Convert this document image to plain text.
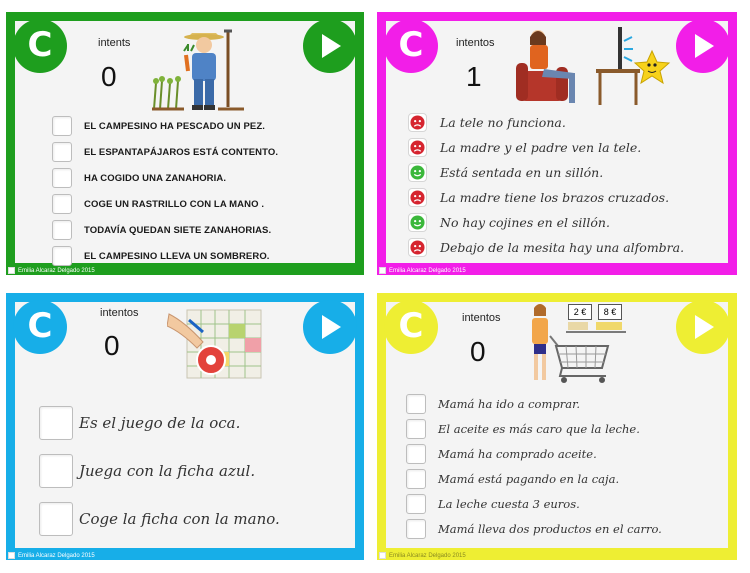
C	intents
0
EL CAMPESINO HA PESCADO UN PEZ.
EL ESPANTAPÁJAROS ESTÁ CONTENTO.
HA COGIDO UNA ZANAHORIA.
COGE UN RASTRILLO CON LA MANO .
TODAVÍA QUEDAN SIETE ZANAHORIAS.
EL CAMPESINO LLEVA UN SOMBRERO.
Emilia Alcaraz Delgado 2015
C	intentos
1
La tele no funciona.
La madre y el padre ven la tele.
Está sentada en un sillón.
La madre tiene los brazos cruzados.
No hay cojines en el sillón.
Debajo de la mesita hay una alfombra.
Emilia Alcaraz Delgado 2015
C	intentos
0
Es el juego de la oca.
Juega con la ficha azul.
Coge la ficha con la mano.
Emilia Alcaraz Delgado 2015
C	intentos
0
2 €	8 €
Mamá ha ido a comprar.
El aceite es más caro que la leche.
Mamá ha comprado aceite.
Mamá está pagando en la caja.
La leche cuesta 3 euros.
Mamá lleva dos productos en el carro.
Emilia Alcaraz Delgado 2015
